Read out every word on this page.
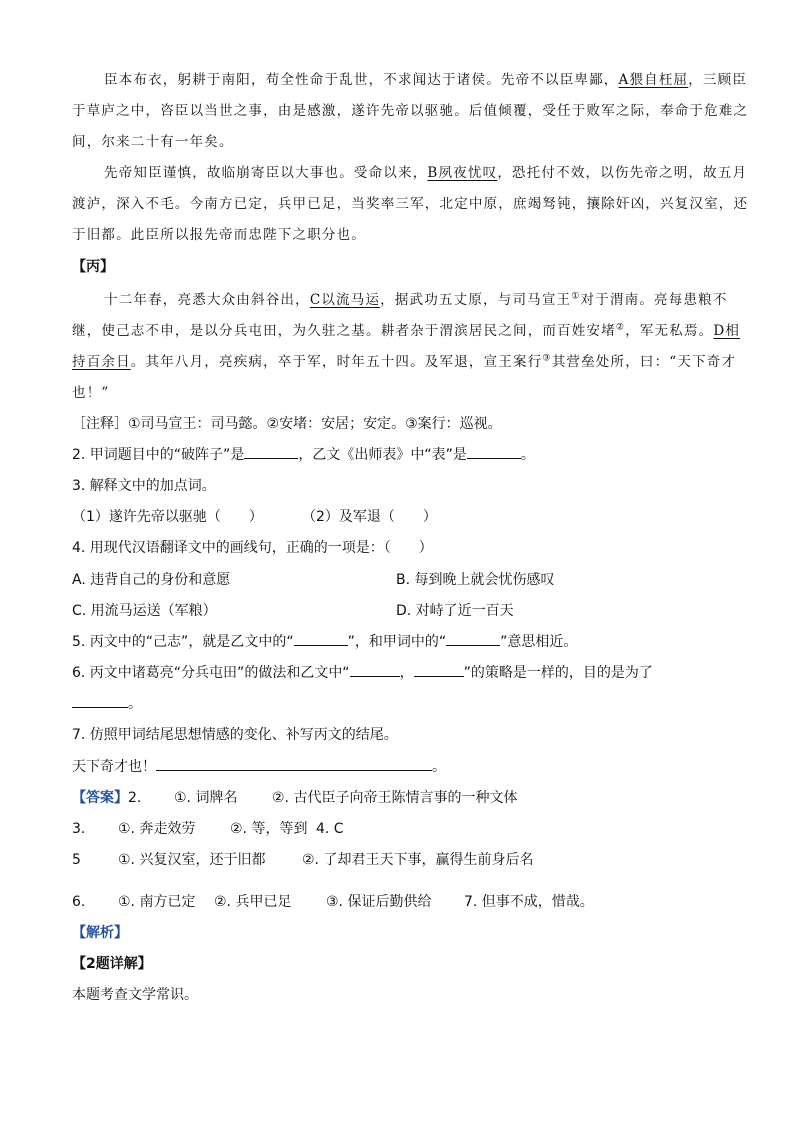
臣本布衣，躬耕于南阳，苟全性命于乱世，不求闻达于诸侯。先帝不以臣卑鄙，A猥自枉屈，三顾臣
于草庐之中，咨臣以当世之事，由是感激，遂许先帝以驱驰。后值倾覆，受任于败军之际，奉命于危难之
间，尔来二十有一年矣。
先帝知臣谨慎，故临崩寄臣以大事也。受命以来，B夙夜忧叹，恐托付不效，以伤先帝之明，故五月
渡泸，深入不毛。今南方已定，兵甲已足，当奖率三军，北定中原，庶竭驽钝，攘除奸凶，兴复汉室，还
于旧都。此臣所以报先帝而忠陛下之职分也。
【丙】
十二年春，亮悉大众由斜谷出，C以流马运，据武功五丈原，与司马宣王①对于渭南。亮每患粮不
继，使己志不申，是以分兵屯田，为久驻之基。耕者杂于渭滨居民之间，而百姓安堵②，军无私焉。D相
持百余日。其年八月，亮疾病，卒于军，时年五十四。及军退，宣王案行③其营垒处所，曰：“天下奇才
也！”
［注释］①司马宣王：司马懿。②安堵：安居；安定。③案行：巡视。
2. 甲词题目中的“破阵子”是	，乙文《出师表》中“表”是	。
3. 解释文中的加点词。
（1）遂许先帝以驱驰（　　）	（2）及军退（　　）
4. 用现代汉语翻译文中的画线句，正确的一项是：（　　）
A. 违背自己的身份和意愿	B. 每到晚上就会忧伤感叹
C. 用流马运送（军粮）	D. 对峙了近一百天
5. 丙文中的“己志”，就是乙文中的“	”，和甲词中的“	”意思相近。
6. 丙文中诸葛亮“分兵屯田”的做法和乙文中“	，	”的策略是一样的，目的是为了
。
7. 仿照甲词结尾思想情感的变化、补写丙文的结尾。
天下奇才也！	。
【答案】2. ①. 词牌名 ②. 古代臣子向帝王陈情言事的一种文体
3. ①. 奔走效劳 ②. 等，等到 4. C
5	①. 兴复汉室，还于旧都	②. 了却君王天下事，赢得生前身后名
6. ①. 南方已定 ②. 兵甲已足 ③. 保证后勤供给 7. 但事不成，惜哉。
【解析】
【2题详解】
本题考查文学常识。
